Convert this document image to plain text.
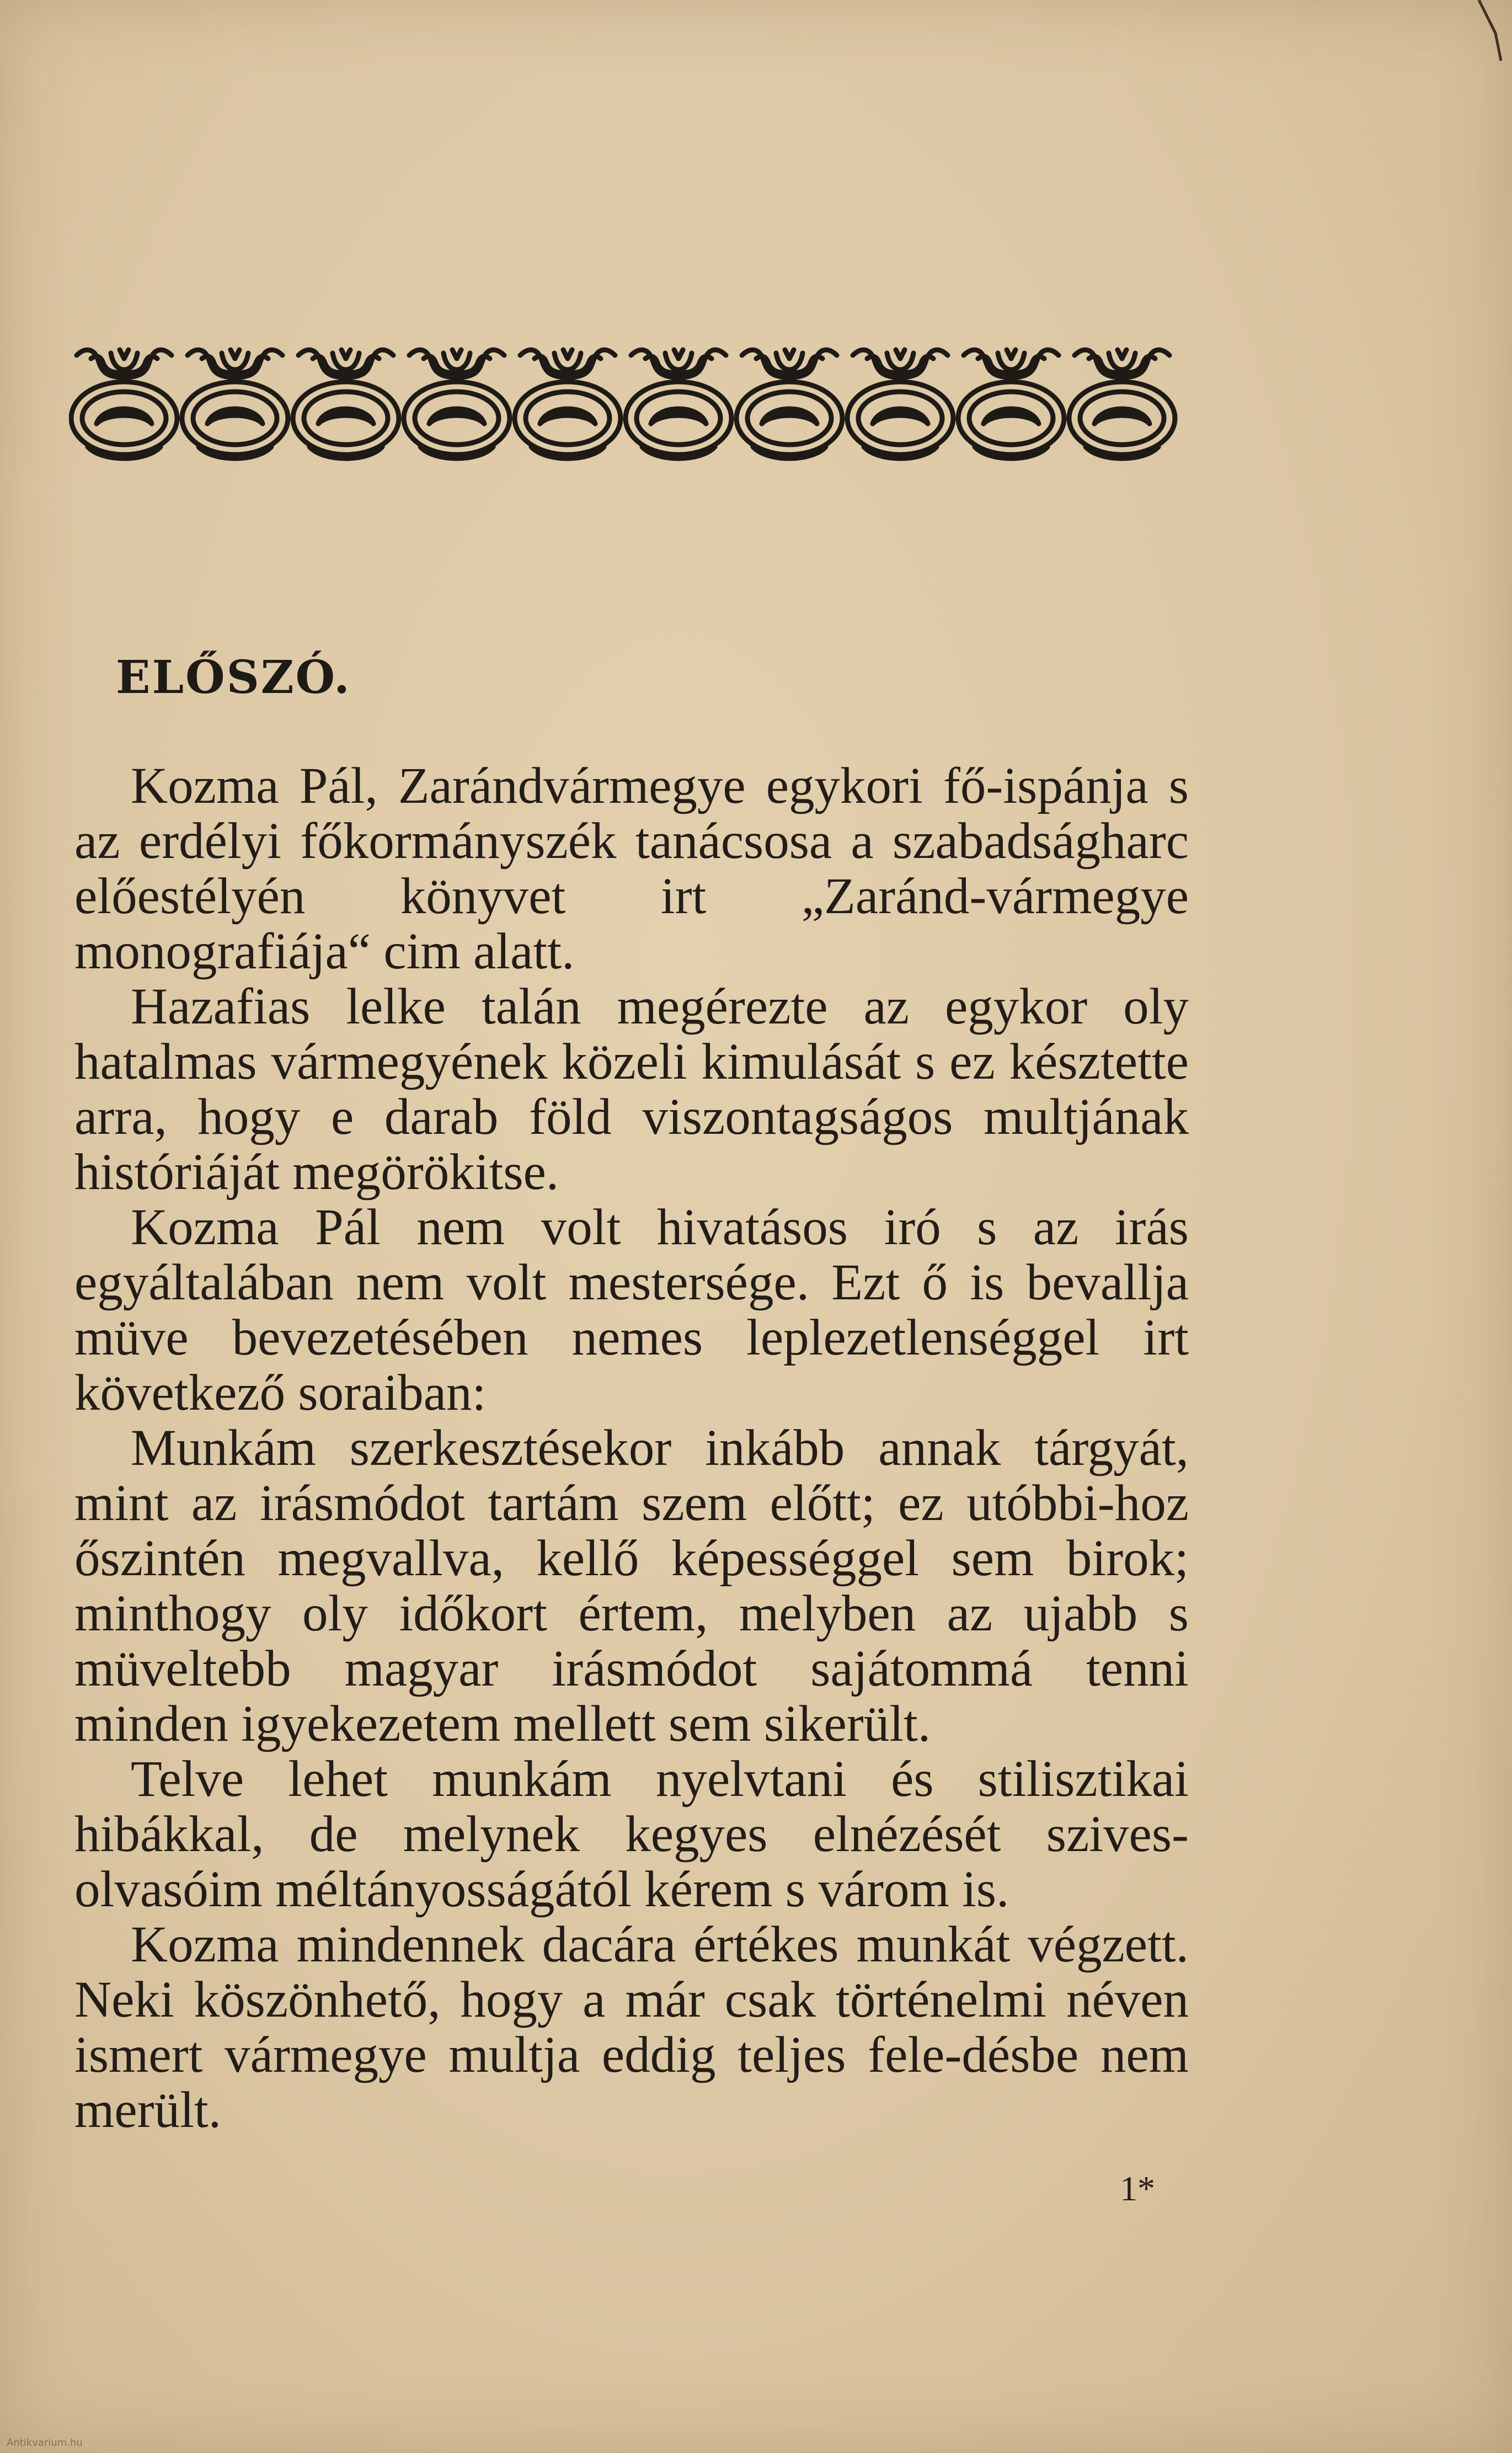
ELŐSZÓ.

Kozma Pál, Zarándvármegye egykori fő-ispánja s az erdélyi főkormányszék tanácsosa a szabadságharc előestélyén könyvet irt „Zaránd-vármegye monografiája“ cim alatt.

Hazafias lelke talán megérezte az egykor oly hatalmas vármegyének közeli kimulását s ez késztette arra, hogy e darab föld viszontagságos multjának históriáját megörökitse.

Kozma Pál nem volt hivatásos iró s az irás egyáltalában nem volt mestersége. Ezt ő is bevallja müve bevezetésében nemes leplezetlenséggel irt következő soraiban:

Munkám szerkesztésekor inkább annak tárgyát, mint az irásmódot tartám szem előtt; ez utóbbi-hoz őszintén megvallva, kellő képességgel sem birok; minthogy oly időkort értem, melyben az ujabb s müveltebb magyar irásmódot sajátommá tenni minden igyekezetem mellett sem sikerült.

Telve lehet munkám nyelvtani és stilisztikai hibákkal, de melynek kegyes elnézését szives-olvasóim méltányosságától kérem s várom is.

Kozma mindennek dacára értékes munkát végzett. Neki köszönhető, hogy a már csak történelmi néven ismert vármegye multja eddig teljes fele-désbe nem merült.

1*
Antikvarium.hu
